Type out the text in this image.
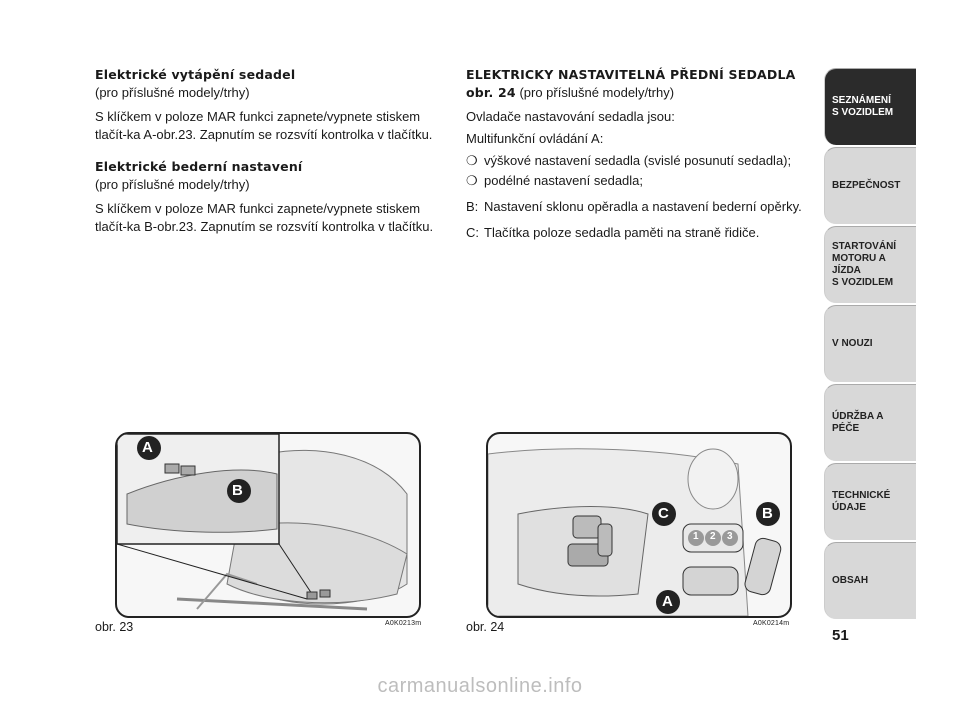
Elektrické vytápění sedadel

(pro příslušné modely/trhy)

S klíčkem v poloze MAR funkci zapnete/vypnete stiskem tlačít-ka A-obr.23. Zapnutím se rozsvítí kontrolka v tlačítku.

Elektrické bederní nastavení

(pro příslušné modely/trhy)

S klíčkem v poloze MAR funkci zapnete/vypnete stiskem tlačít-ka B-obr.23. Zapnutím se rozsvítí kontrolka v tlačítku.

ELEKTRICKY NASTAVITELNÁ PŘEDNÍ SEDADLA

obr. 24 (pro příslušné modely/trhy)

Ovladače nastavování sedadla jsou:

Multifunkční ovládání A:

❍ výškové nastavení sedadla (svislé posunutí sedadla);
❍ podélné nastavení sedadla;
B: Nastavení sklonu opěradla a nastavení bederní opěrky.
C: Tlačítka poloze sedadla paměti na straně řidiče.
A
B
obr. 23	A0K0213m
C	B
A
1 2 3
obr. 24	A0K0214m
SEZNÁMENÍ
S VOZIDLEM
BEZPEČNOST
STARTOVÁNÍ
MOTORU A JÍZDA
S VOZIDLEM
V NOUZI
ÚDRŽBA A PÉČE
TECHNICKÉ
ÚDAJE
OBSAH
51
carmanualsonline.info
